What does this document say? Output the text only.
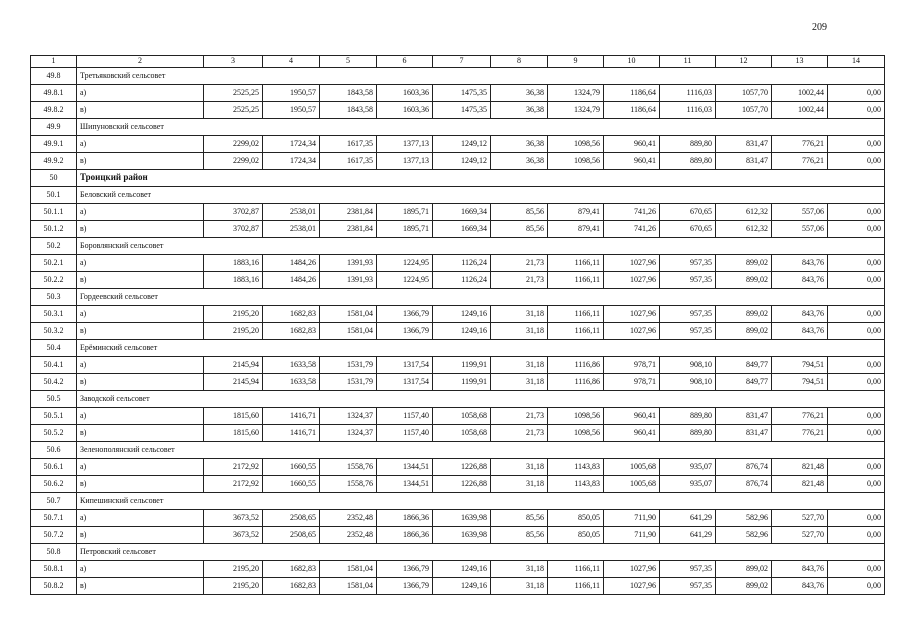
209
1	2	3	4	5	6	7	8	9	10	11	12	13	14
49.8	Третьяковский сельсовет												
49.8.1	а)	2525,25	1950,57	1843,58	1603,36	1475,35	36,38	1324,79	1186,64	1116,03	1057,70	1002,44	0,00
49.8.2	в)	2525,25	1950,57	1843,58	1603,36	1475,35	36,38	1324,79	1186,64	1116,03	1057,70	1002,44	0,00
49.9	Шипуновский сельсовет												
49.9.1	а)	2299,02	1724,34	1617,35	1377,13	1249,12	36,38	1098,56	960,41	889,80	831,47	776,21	0,00
49.9.2	в)	2299,02	1724,34	1617,35	1377,13	1249,12	36,38	1098,56	960,41	889,80	831,47	776,21	0,00
50	Троицкий район												
50.1	Беловский сельсовет												
50.1.1	а)	3702,87	2538,01	2381,84	1895,71	1669,34	85,56	879,41	741,26	670,65	612,32	557,06	0,00
50.1.2	в)	3702,87	2538,01	2381,84	1895,71	1669,34	85,56	879,41	741,26	670,65	612,32	557,06	0,00
50.2	Боровлянский сельсовет												
50.2.1	а)	1883,16	1484,26	1391,93	1224,95	1126,24	21,73	1166,11	1027,96	957,35	899,02	843,76	0,00
50.2.2	в)	1883,16	1484,26	1391,93	1224,95	1126,24	21,73	1166,11	1027,96	957,35	899,02	843,76	0,00
50.3	Гордеевский сельсовет												
50.3.1	а)	2195,20	1682,83	1581,04	1366,79	1249,16	31,18	1166,11	1027,96	957,35	899,02	843,76	0,00
50.3.2	в)	2195,20	1682,83	1581,04	1366,79	1249,16	31,18	1166,11	1027,96	957,35	899,02	843,76	0,00
50.4	Ерёминский сельсовет												
50.4.1	а)	2145,94	1633,58	1531,79	1317,54	1199,91	31,18	1116,86	978,71	908,10	849,77	794,51	0,00
50.4.2	в)	2145,94	1633,58	1531,79	1317,54	1199,91	31,18	1116,86	978,71	908,10	849,77	794,51	0,00
50.5	Заводской сельсовет												
50.5.1	а)	1815,60	1416,71	1324,37	1157,40	1058,68	21,73	1098,56	960,41	889,80	831,47	776,21	0,00
50.5.2	в)	1815,60	1416,71	1324,37	1157,40	1058,68	21,73	1098,56	960,41	889,80	831,47	776,21	0,00
50.6	Зеленополянский сельсовет												
50.6.1	а)	2172,92	1660,55	1558,76	1344,51	1226,88	31,18	1143,83	1005,68	935,07	876,74	821,48	0,00
50.6.2	в)	2172,92	1660,55	1558,76	1344,51	1226,88	31,18	1143,83	1005,68	935,07	876,74	821,48	0,00
50.7	Кипешинский сельсовет												
50.7.1	а)	3673,52	2508,65	2352,48	1866,36	1639,98	85,56	850,05	711,90	641,29	582,96	527,70	0,00
50.7.2	в)	3673,52	2508,65	2352,48	1866,36	1639,98	85,56	850,05	711,90	641,29	582,96	527,70	0,00
50.8	Петровский сельсовет												
50.8.1	а)	2195,20	1682,83	1581,04	1366,79	1249,16	31,18	1166,11	1027,96	957,35	899,02	843,76	0,00
50.8.2	в)	2195,20	1682,83	1581,04	1366,79	1249,16	31,18	1166,11	1027,96	957,35	899,02	843,76	0,00
